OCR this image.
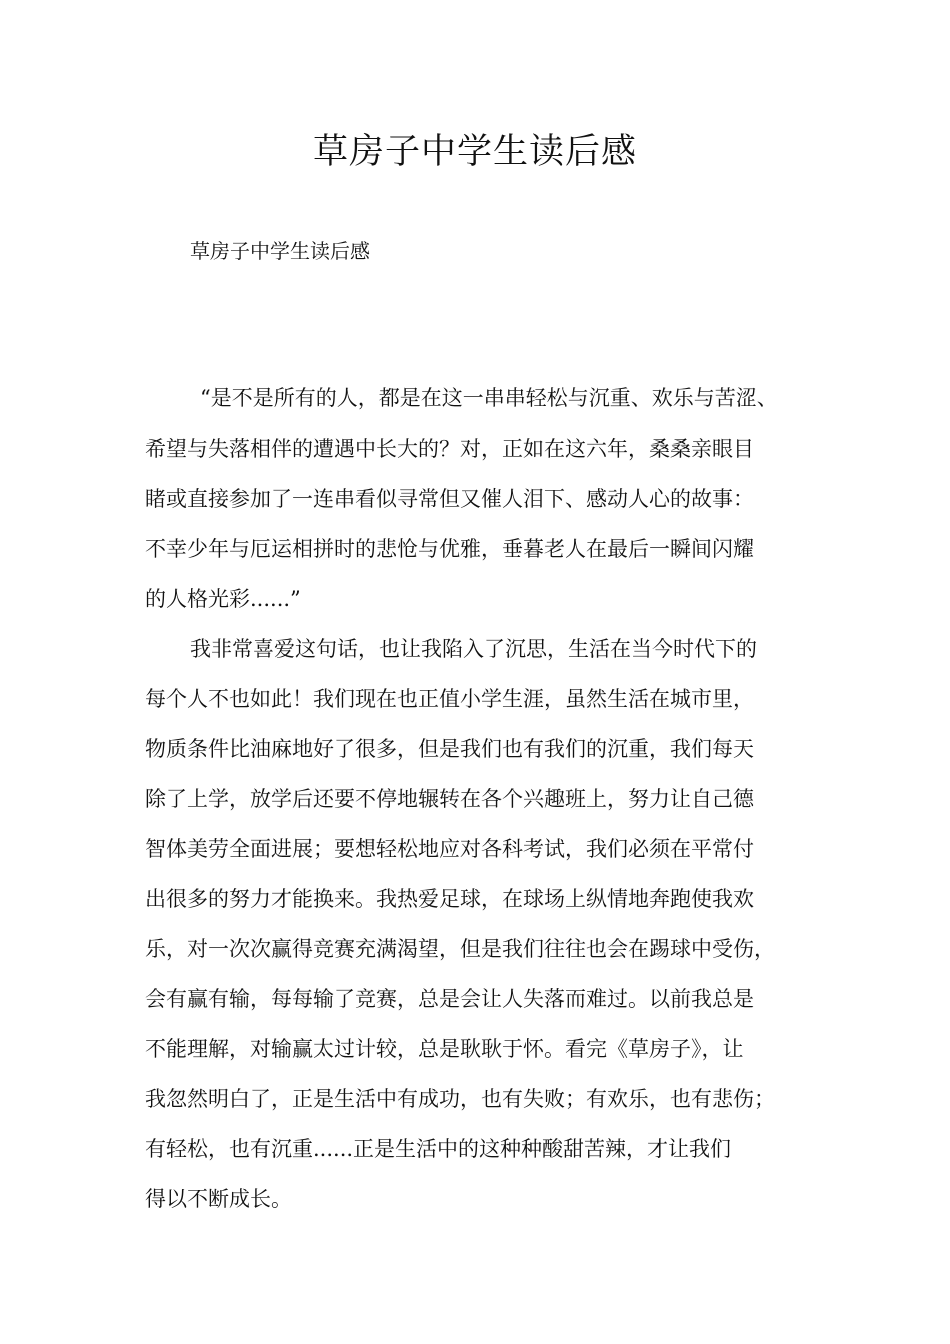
草房子中学生读后感

草房子中学生读后感

“是不是所有的人，都是在这一串串轻松与沉重、欢乐与苦涩、

希望与失落相伴的遭遇中长大的？对，正如在这六年，桑桑亲眼目

睹或直接参加了一连串看似寻常但又催人泪下、感动人心的故事：

不幸少年与厄运相拼时的悲怆与优雅，垂暮老人在最后一瞬间闪耀

的人格光彩......”

我非常喜爱这句话，也让我陷入了沉思，生活在当今时代下的

每个人不也如此！我们现在也正值小学生涯，虽然生活在城市里，

物质条件比油麻地好了很多，但是我们也有我们的沉重，我们每天

除了上学，放学后还要不停地辗转在各个兴趣班上，努力让自己德

智体美劳全面进展；要想轻松地应对各科考试，我们必须在平常付

出很多的努力才能换来。我热爱足球，在球场上纵情地奔跑使我欢

乐，对一次次赢得竞赛充满渴望，但是我们往往也会在踢球中受伤，

会有赢有输，每每输了竞赛，总是会让人失落而难过。以前我总是

不能理解，对输赢太过计较，总是耿耿于怀。看完《草房子》，让

我忽然明白了，正是生活中有成功，也有失败；有欢乐，也有悲伤；

有轻松，也有沉重......正是生活中的这种种酸甜苦辣，才让我们

得以不断成长。
